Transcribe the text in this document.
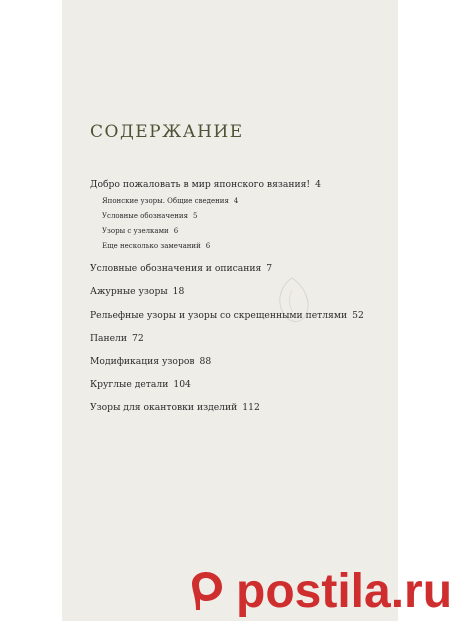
СОДЕРЖАНИЕ
Добро пожаловать в мир японского вязания! 4
Японские узоры. Общие сведения 4
Условные обозначения 5
Узоры с узелками 6
Еще несколько замечаний 6
Условные обозначения и описания 7
Ажурные узоры 18
Рельефные узоры и узоры со скрещенными петлями 52
Панели 72
Модификация узоров 88
Круглые детали 104
Узоры для окантовки изделий 112
postila.ru
